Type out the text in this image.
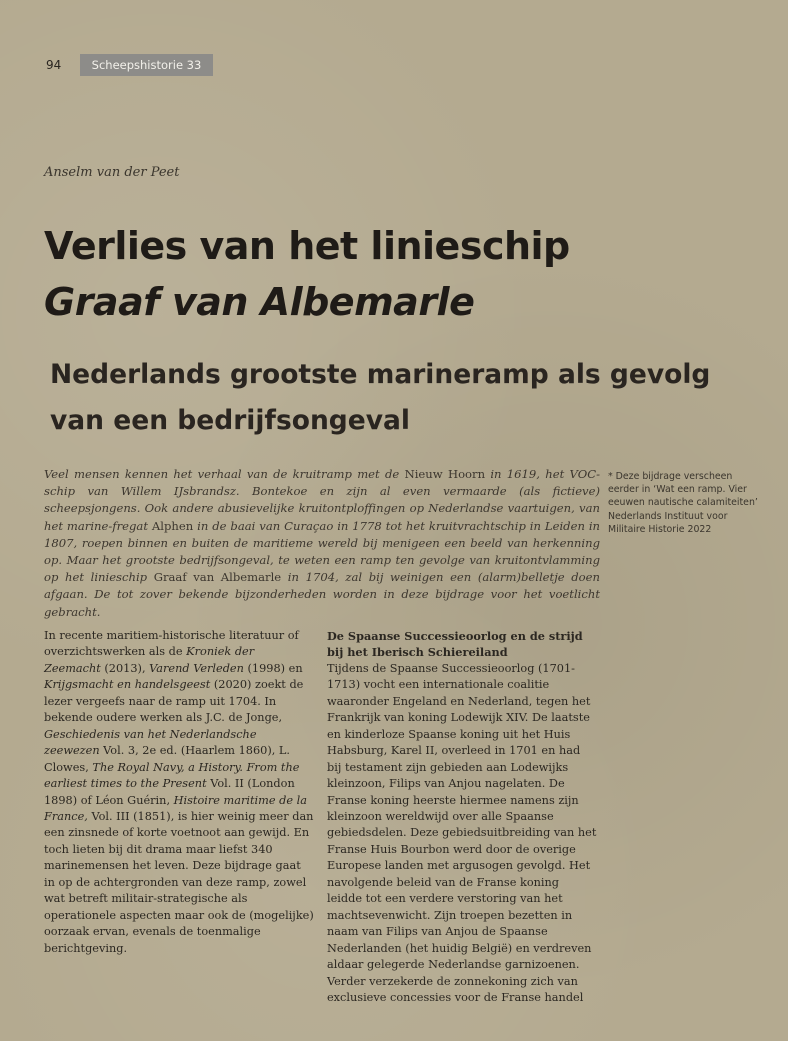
94	Scheepshistorie 33
Anselm van der Peet
Verlies van het linieschip
Graaf van Albemarle
Nederlands grootste marineramp als gevolg
van een bedrijfsongeval

Veel mensen kennen het verhaal van de kruitramp met de Nieuw Hoorn in 1619, het VOC-schip van Willem IJsbrandsz. Bontekoe en zijn al even vermaarde (als fictieve) scheepsjongens. Ook andere abusievelijke kruitontploffingen op Nederlandse vaartuigen, van het marine-fregat Alphen in de baai van Curaçao in 1778 tot het kruitvrachtschip in Leiden in 1807, roepen binnen en buiten de maritieme wereld bij menigeen een beeld van herkenning op. Maar het grootste bedrijfsongeval, te weten een ramp ten gevolge van kruitontvlamming op het linieschip Graaf van Albemarle in 1704, zal bij weinigen een (alarm)belletje doen afgaan. De tot zover bekende bijzonderheden worden in deze bijdrage voor het voetlicht gebracht.

* Deze bijdrage verscheen eerder in ‘Wat een ramp. Vier eeuwen nautische calamiteiten’ Nederlands Instituut voor Militaire Historie 2022

In recente maritiem-historische literatuur of overzichtswerken als de Kroniek der Zeemacht (2013), Varend Verleden (1998) en Krijgsmacht en handelsgeest (2020) zoekt de lezer vergeefs naar de ramp uit 1704. In bekende oudere werken als J.C. de Jonge, Geschiedenis van het Nederlandsche zeewezen Vol. 3, 2e ed. (Haarlem 1860), L. Clowes, The Royal Navy, a History. From the earliest times to the Present Vol. II (London 1898) of Léon Guérin, Histoire maritime de la France, Vol. III (1851), is hier weinig meer dan een zinsnede of korte voetnoot aan gewijd. En toch lieten bij dit drama maar liefst 340 marinemensen het leven. Deze bijdrage gaat in op de achtergronden van deze ramp, zowel wat betreft militair-strategische als operationele aspecten maar ook de (mogelijke) oorzaak ervan, evenals de toenmalige berichtgeving.

De Spaanse Successieoorlog en de strijd bij het Iberisch Schiereiland

Tijdens de Spaanse Successieoorlog (1701-1713) vocht een internationale coalitie waaronder Engeland en Nederland, tegen het Frankrijk van koning Lodewijk XIV. De laatste en kinderloze Spaanse koning uit het Huis Habsburg, Karel II, overleed in 1701 en had bij testament zijn gebieden aan Lodewijks kleinzoon, Filips van Anjou nagelaten. De Franse koning heerste hiermee namens zijn kleinzoon wereldwijd over alle Spaanse gebiedsdelen. Deze gebiedsuitbreiding van het Franse Huis Bourbon werd door de overige Europese landen met argusogen gevolgd. Het navolgende beleid van de Franse koning leidde tot een verdere verstoring van het machtsevenwicht. Zijn troepen bezetten in naam van Filips van Anjou de Spaanse Nederlanden (het huidig België) en verdreven aldaar gelegerde Nederlandse garnizoenen. Verder verzekerde de zonnekoning zich van exclusieve concessies voor de Franse handel
